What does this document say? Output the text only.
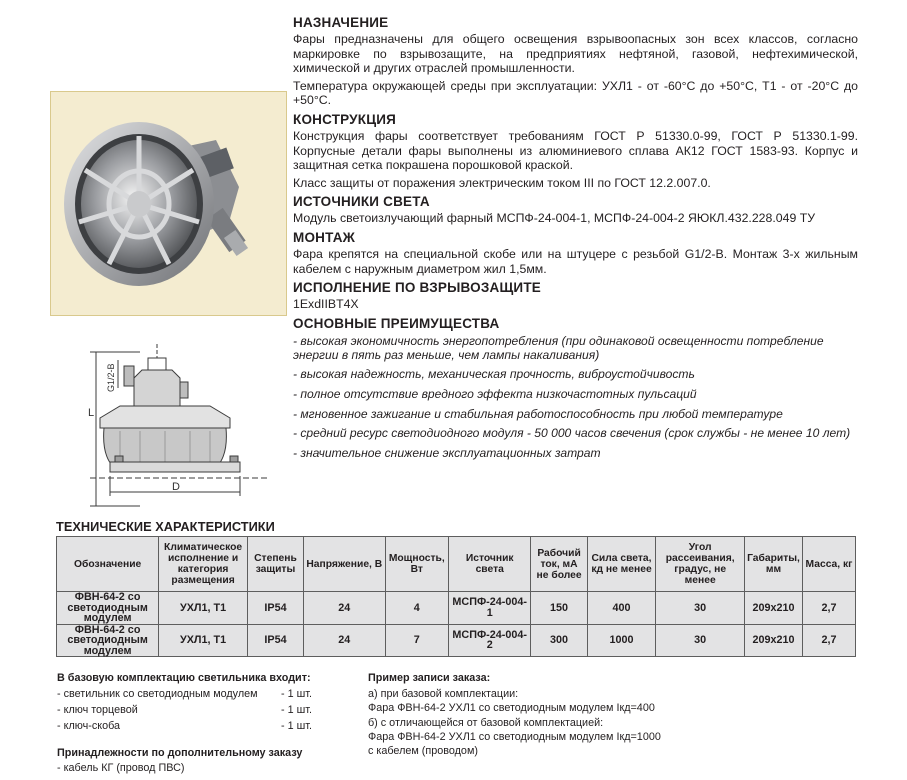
L
D
G1/2-B
НАЗНАЧЕНИЕ

Фары предназначены для общего освещения взрывоопасных зон всех классов, согласно маркировке по взрывозащите, на предприятиях нефтяной, газовой, нефтехимической, химической и других отраслей промышленности.

Температура окружающей среды при эксплуатации: УХЛ1 - от -60°С до +50°С, Т1 - от -20°С до +50°С.

КОНСТРУКЦИЯ

Конструкция фары соответствует требованиям ГОСТ Р 51330.0-99, ГОСТ Р 51330.1-99. Корпусные детали фары выполнены из алюминиевого сплава АК12 ГОСТ 1583-93. Корпус и защитная сетка покрашена порошковой краской.

Класс защиты от поражения электрическим током III по ГОСТ 12.2.007.0.

ИСТОЧНИКИ СВЕТА

Модуль светоизлучающий фарный МСПФ-24-004-1, МСПФ-24-004-2 ЯЮКЛ.432.228.049 ТУ

МОНТАЖ

Фара крепятся на специальной скобе или на штуцере с резьбой G1/2-B. Монтаж 3-х жильным кабелем с наружным диаметром жил 1,5мм.

ИСПОЛНЕНИЕ ПО ВЗРЫВОЗАЩИТЕ

1ExdIIBT4X

ОСНОВНЫЕ ПРЕИМУЩЕСТВА
- высокая экономичность энергопотребления (при одинаковой освещенности потребление энергии в пять раз меньше, чем лампы накаливания)
- высокая надежность, механическая прочность, виброустойчивость
- полное отсутствие вредного эффекта низкочастотных пульсаций
- мгновенное зажигание и стабильная работоспособность при любой температуре
- средний ресурс светодиодного модуля - 50 000 часов свечения (срок службы - не менее 10 лет)
- значительное снижение эксплуатационных затрат
ТЕХНИЧЕСКИЕ ХАРАКТЕРИСТИКИ
Обозначение	Климатическое исполнение и категория размещения	Степень защиты	Напряжение, В	Мощность, Вт	Источник света	Рабочий ток, мА не более	Сила света, кд не менее	Угол рассеивания, градус, не менее	Габариты, мм	Масса, кг
ФВН-64-2 со светодиодным модулем	УХЛ1, Т1	IP54	24	4	МСПФ-24-004-1	150	400	30	209х210	2,7
ФВН-64-2 со светодиодным модулем	УХЛ1, Т1	IP54	24	7	МСПФ-24-004-2	300	1000	30	209х210	2,7
В базовую комплектацию светильника входит:
- светильник со светодиодным модулем	- 1 шт.
- ключ торцевой	- 1 шт.
- ключ-скоба	- 1 шт.
Принадлежности по дополнительному заказу
- кабель КГ (провод ПВС)
Пример записи заказа:
а) при базовой комплектации:
Фара ФВН-64-2 УХЛ1 со светодиодным модулем Iкд=400
б) с отличающейся от базовой комплектацией:
Фара ФВН-64-2 УХЛ1 со светодиодным модулем Iкд=1000
с кабелем (проводом)
